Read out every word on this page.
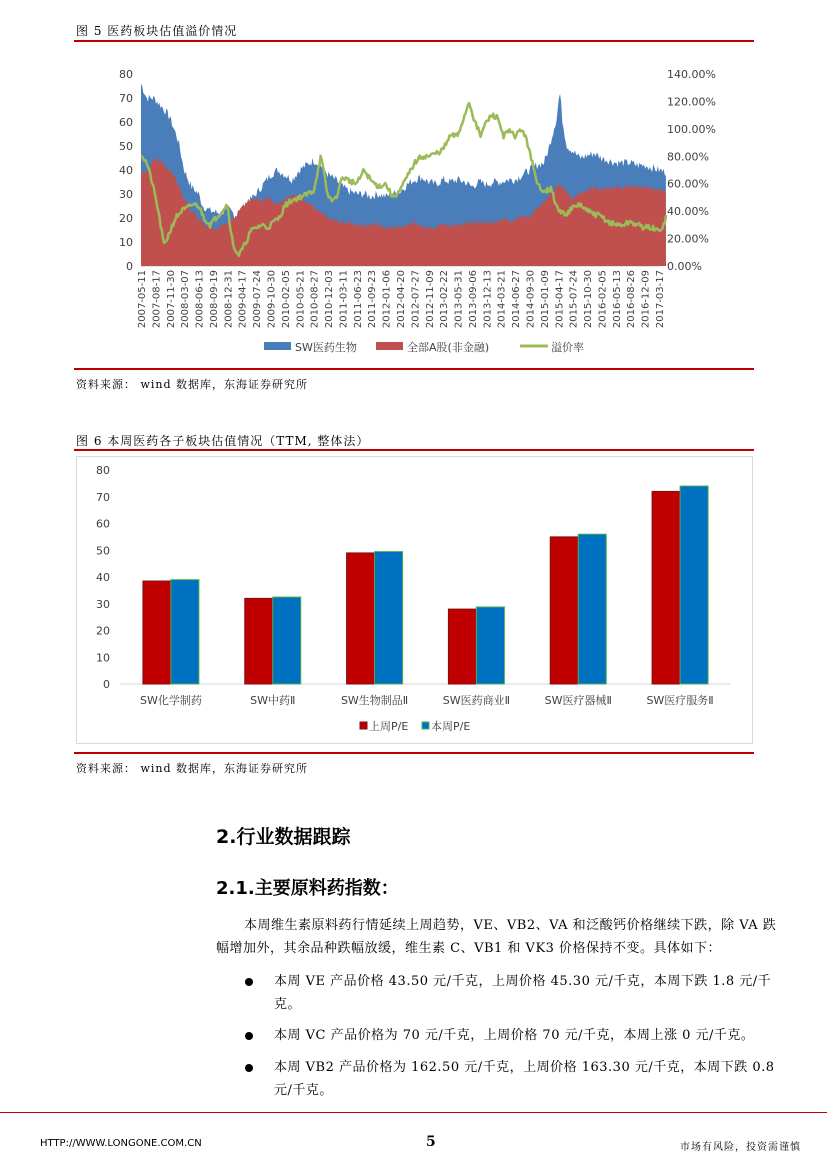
图 5 医药板块估值溢价情况
0
10
20
30
40
50
60
70
80
0.00%
20.00%
40.00%
60.00%
80.00%
100.00%
120.00%
140.00%
2007-05-11 2007-08-17 2007-11-30 2008-03-07 2008-06-13 2008-09-19 2008-12-31 2009-04-17 2009-07-24 2009-10-30 2010-02-05 2010-05-21 2010-08-27 2010-12-03 2011-03-11 2011-06-23 2011-09-23 2012-01-06 2012-04-20 2012-07-27 2012-11-09 2013-02-22 2013-05-31 2013-09-06 2013-12-13 2014-03-21 2014-06-27 2014-09-30 2015-01-09 2015-04-17 2015-07-24 2015-10-30 2016-02-05 2016-05-13 2016-08-26 2016-12-09 2017-03-17
SW医药生物	全部A股(非金融)	溢价率
资料来源： wind 数据库，东海证券研究所
图 6 本周医药各子板块估值情况（TTM, 整体法）
0
10
20
30
40
50
60
70
80
SW化学制药	SW中药Ⅱ	SW生物制品Ⅱ	SW医药商业Ⅱ	SW医疗器械Ⅱ	SW医疗服务Ⅱ
上周P/E 本周P/E
资料来源： wind 数据库，东海证券研究所
2.行业数据跟踪
2.1.主要原料药指数：
本周维生素原料药行情延续上周趋势，VE、VB2、VA 和泛酸钙价格继续下跌，除 VA 跌幅增加外，其余品种跌幅放缓，维生素 C、VB1 和 VK3 价格保持不变。具体如下：
本周 VE 产品价格 43.50 元/千克，上周价格 45.30 元/千克，本周下跌 1.8 元/千克。
本周 VC 产品价格为 70 元/千克，上周价格 70 元/千克，本周上涨 0 元/千克。
本周 VB2 产品价格为 162.50 元/千克，上周价格 163.30 元/千克，本周下跌 0.8 元/千克。
HTTP://WWW.LONGONE.COM.CN	5	市场有风险，投资需谨慎
